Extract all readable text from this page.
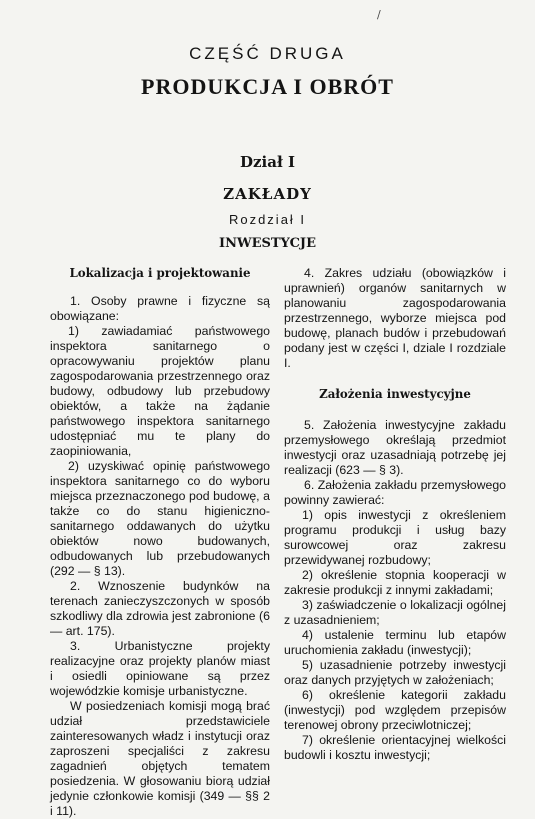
/
CZĘŚĆ DRUGA
PRODUKCJA I OBRÓT
Dział I
ZAKŁADY
Rozdział I
INWESTYCJE

Lokalizacja i projektowanie

1. Osoby prawne i fizyczne są obowiązane:

1) zawiadamiać państwowego inspektora sanitarnego o opracowywaniu projektów planu zagospodarowania przestrzennego oraz budowy, odbudowy lub przebudowy obiektów, a także na żądanie państwowego inspektora sanitarnego udostępniać mu te plany do zaopiniowania,

2) uzyskiwać opinię państwowego inspektora sanitarnego co do wyboru miejsca przeznaczonego pod budowę, a także co do stanu higieniczno-sanitarnego oddawanych do użytku obiektów nowo budowanych, odbudowanych lub przebudowanych (292 — § 13).

2. Wznoszenie budynków na terenach zanieczyszczonych w sposób szkodliwy dla zdrowia jest zabronione (6 — art. 175).

3. Urbanistyczne projekty realizacyjne oraz projekty planów miast i osiedli opiniowane są przez wojewódzkie komisje urbanistyczne.

W posiedzeniach komisji mogą brać udział przedstawiciele zainteresowanych władz i instytucji oraz zaproszeni specjaliści z zakresu zagadnień objętych tematem posiedzenia. W głosowaniu biorą udział jedynie członkowie komisji (349 — §§ 2 i 11).

4. Zakres udziału (obowiązków i uprawnień) organów sanitarnych w planowaniu zagospodarowania przestrzennego, wyborze miejsca pod budowę, planach budów i przebudowań podany jest w części I, dziale I rozdziale I.

Założenia inwestycyjne

5. Założenia inwestycyjne zakładu przemysłowego określają przedmiot inwestycji oraz uzasadniają potrzebę jej realizacji (623 — § 3).

6. Założenia zakładu przemysłowego powinny zawierać:

1) opis inwestycji z określeniem programu produkcji i usług bazy surowcowej oraz zakresu przewidywanej rozbudowy;

2) określenie stopnia kooperacji w zakresie produkcji z innymi zakładami;

3) zaświadczenie o lokalizacji ogólnej z uzasadnieniem;

4) ustalenie terminu lub etapów uruchomienia zakładu (inwestycji);

5) uzasadnienie potrzeby inwestycji oraz danych przyjętych w założeniach;

6) określenie kategorii zakładu (inwestycji) pod względem przepisów terenowej obrony przeciwlotniczej;

7) określenie orientacyjnej wielkości budowli i kosztu inwestycji;
